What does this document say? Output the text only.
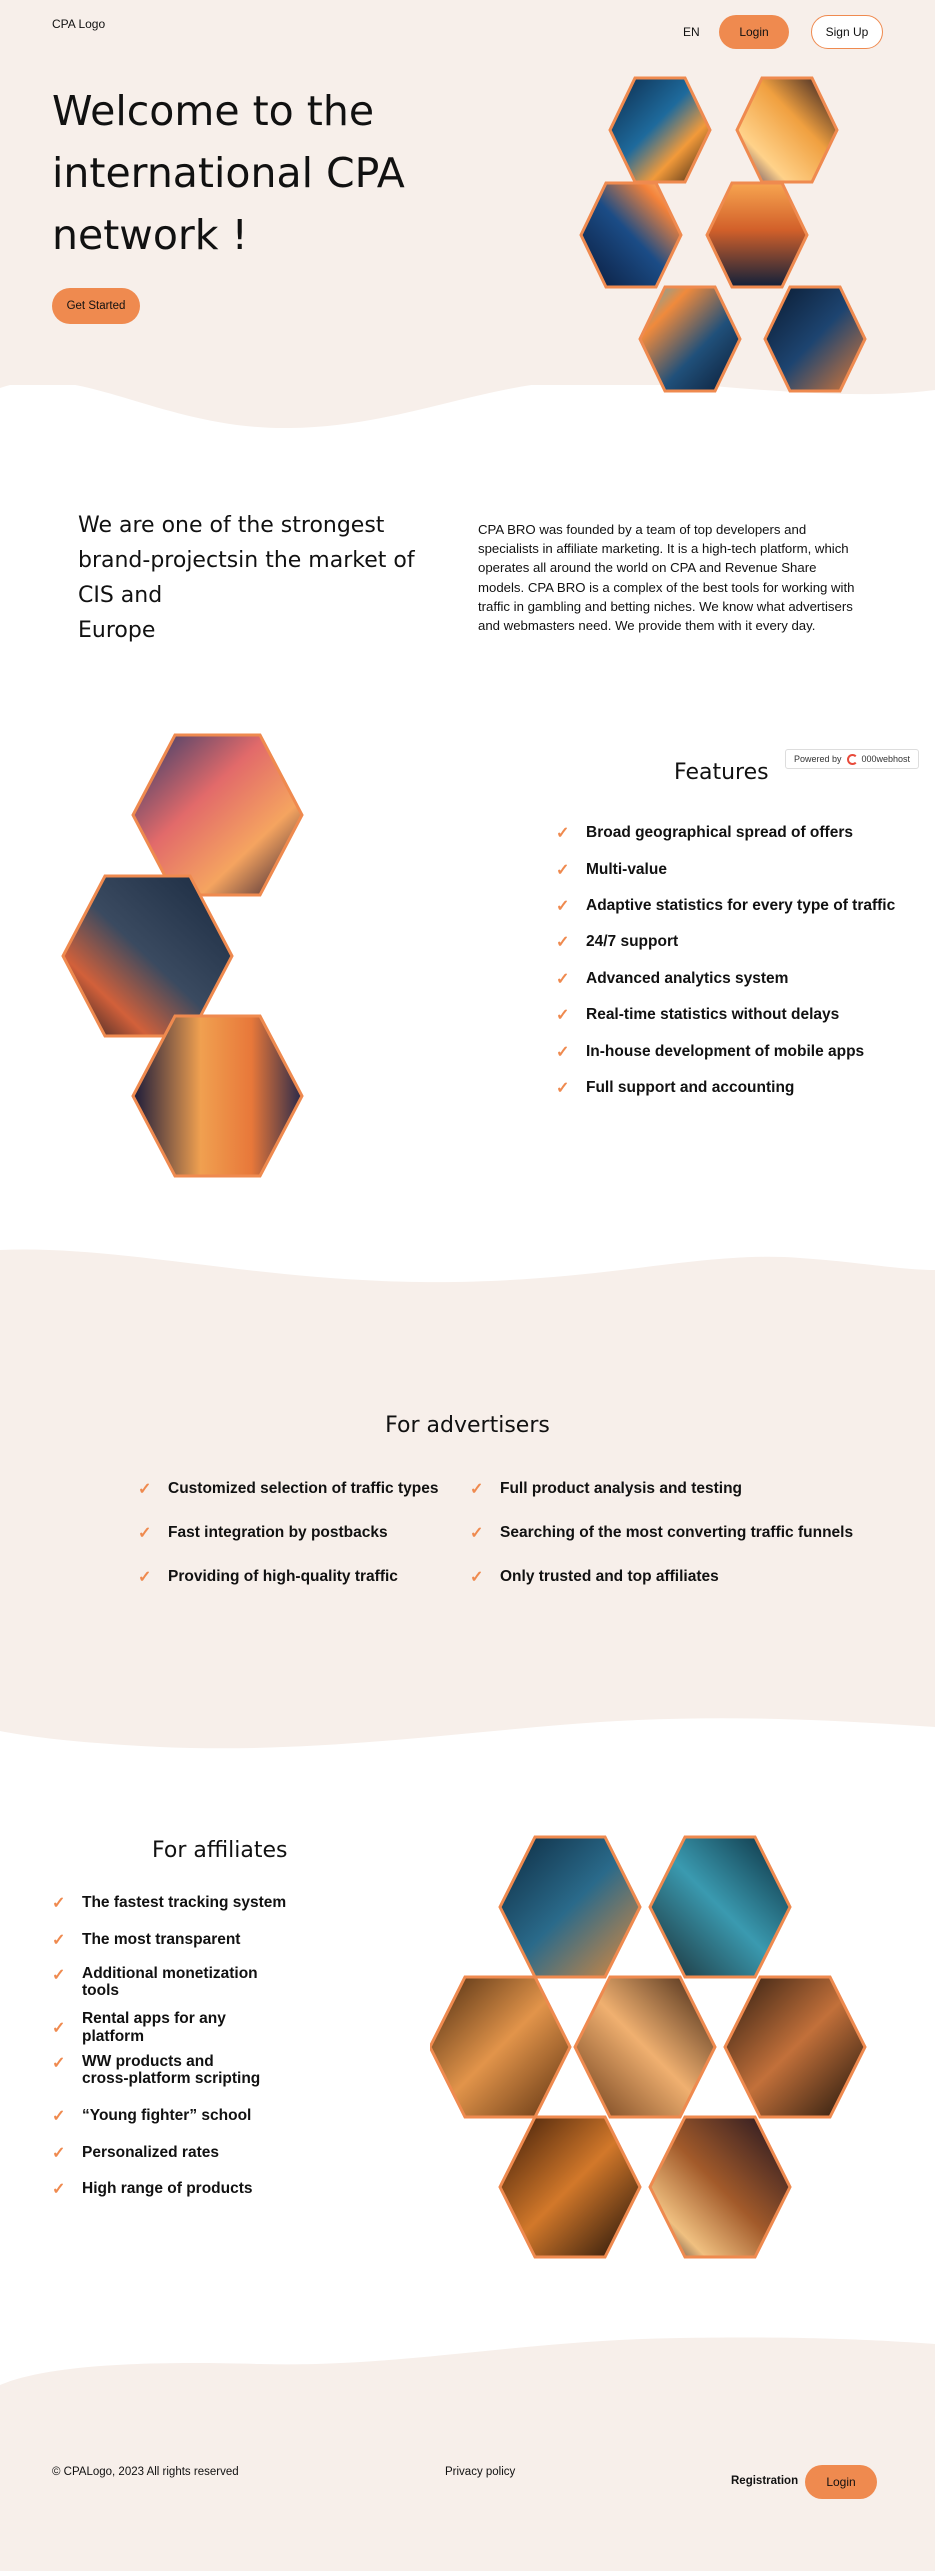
CPA Logo
EN	Login	Sign Up
Welcome to the
international CPA
network !
Get Started
We are one of the strongest
brand-projectsin the market of
CIS and
Europe
CPA BRO was founded by a team of top developers and specialists in affiliate marketing. It is a high-tech platform, which operates all around the world on CPA and Revenue Share models. CPA BRO is a complex of the best tools for working with traffic in gambling and betting niches. We know what advertisers and webmasters need. We provide them with it every day.
Powered by 000webhost
Features
✓	Broad geographical spread of offers
✓	Multi-value
✓	Adaptive statistics for every type of traffic
✓	24/7 support
✓	Advanced analytics system
✓	Real-time statistics without delays
✓	In-house development of mobile apps
✓	Full support and accounting
For advertisers
✓	Customized selection of traffic types
✓	Fast integration by postbacks
✓	Providing of high-quality traffic
✓	Full product analysis and testing
✓	Searching of the most converting traffic funnels
✓	Only trusted and top affiliates
For affiliates
✓	The fastest tracking system
✓	The most transparent
✓	Additional monetization tools
✓
Rental apps for any platform
✓	WW products and cross-platform scripting
✓	“Young fighter” school
✓	Personalized rates
✓	High range of products
© CPALogo, 2023 All rights reserved	Privacy policy
Registration	Login
